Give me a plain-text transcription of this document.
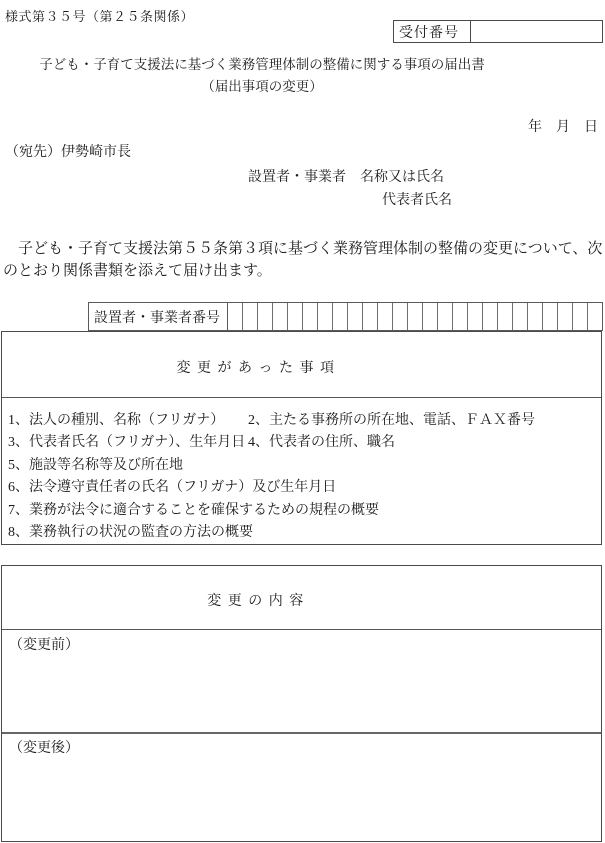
様式第３５号（第２５条関係）
受付番号
子ども・子育て支援法に基づく業務管理体制の整備に関する事項の届出書
（届出事項の変更）
年　月　日
（宛先）伊勢崎市長
設置者・事業者　名称又は氏名
代表者氏名
子ども・子育て支援法第５５条第３項に基づく業務管理体制の整備の変更について、次のとおり関係書類を添えて届け出ます。
設置者・事業者番号
変 更 が あ っ た 事 項
1、法人の種別、名称（フリガナ） 2、主たる事務所の所在地、電話、ＦＡＸ番号
3、代表者氏名（フリガナ）、生年月日 4、代表者の住所、職名
5、施設等名称等及び所在地
6、法令遵守責任者の氏名（フリガナ）及び生年月日
7、業務が法令に適合することを確保するための規程の概要
8、業務執行の状況の監査の方法の概要
変 更 の 内 容
（変更前）
（変更後）
